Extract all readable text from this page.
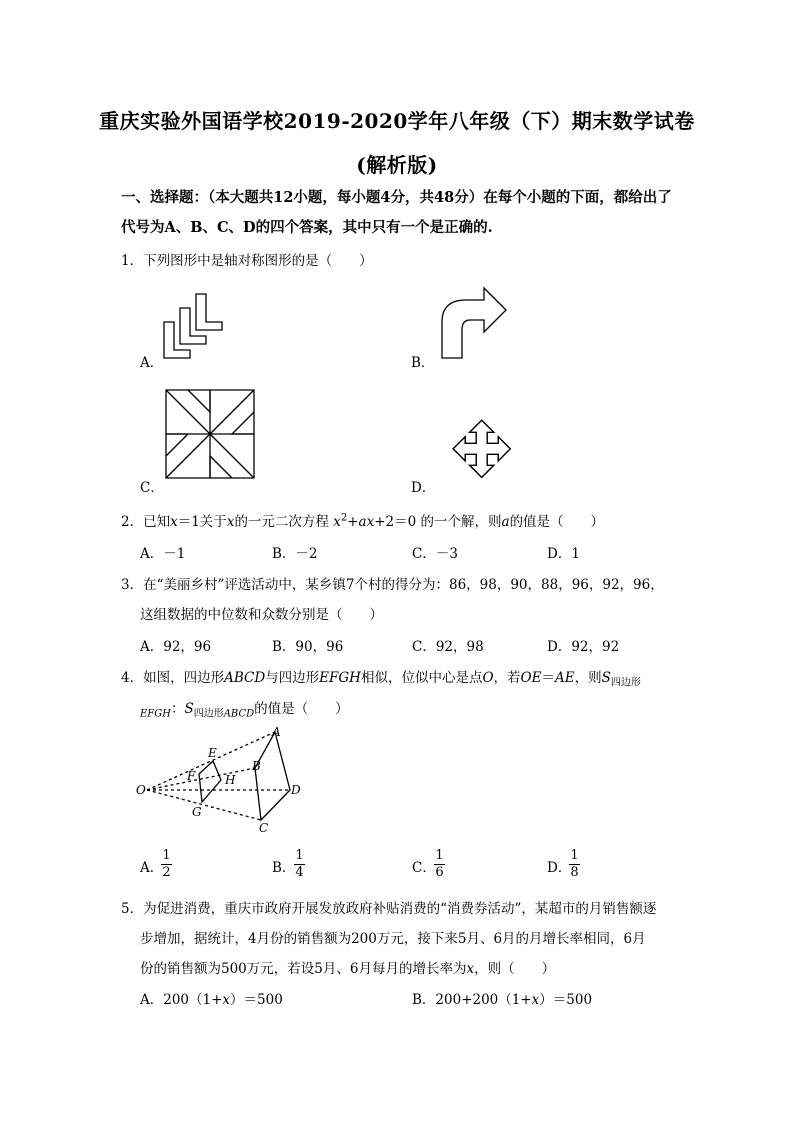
重庆实验外国语学校2019-2020学年八年级（下）期末数学试卷
(解析版)
一、选择题：（本大题共12小题，每小题4分，共48分）在每个小题的下面，都给出了代号为A、B、C、D的四个答案，其中只有一个是正确的.
1．下列图形中是轴对称图形的是（　　）
A．	B．
C．	D．
2．已知x＝1关于x的一元二次方程 $x^2+ax+2=0$ 的一个解，则a的值是（　　）
A．－1	B．－2	C．－3	D．1
3．在“美丽乡村”评选活动中，某乡镇7个村的得分为：86，98，90，88，96，92，96，
这组数据的中位数和众数分别是（　　）
A．92，96	B．90，96	C．92，98	D．92，92
4．如图，四边形ABCD与四边形EFGH相似，位似中心是点O，若OE＝AE，则$S_{四边形}$
$_{EFGH}$：$S_{四边形ABCD}$的值是（　　）
A
E
B
F H
O	D
G
C
A．
1
2	B．
1
4	C．
1
6	D．
1
8
5．为促进消费，重庆市政府开展发放政府补贴消费的“消费券活动”，某超市的月销售额逐
步增加，据统计，4月份的销售额为200万元，接下来5月、6月的月增长率相同，6月
份的销售额为500万元，若设5月、6月每月的增长率为x，则（　　）
A．200（1+x）＝500	B．200+200（1+x）＝500
